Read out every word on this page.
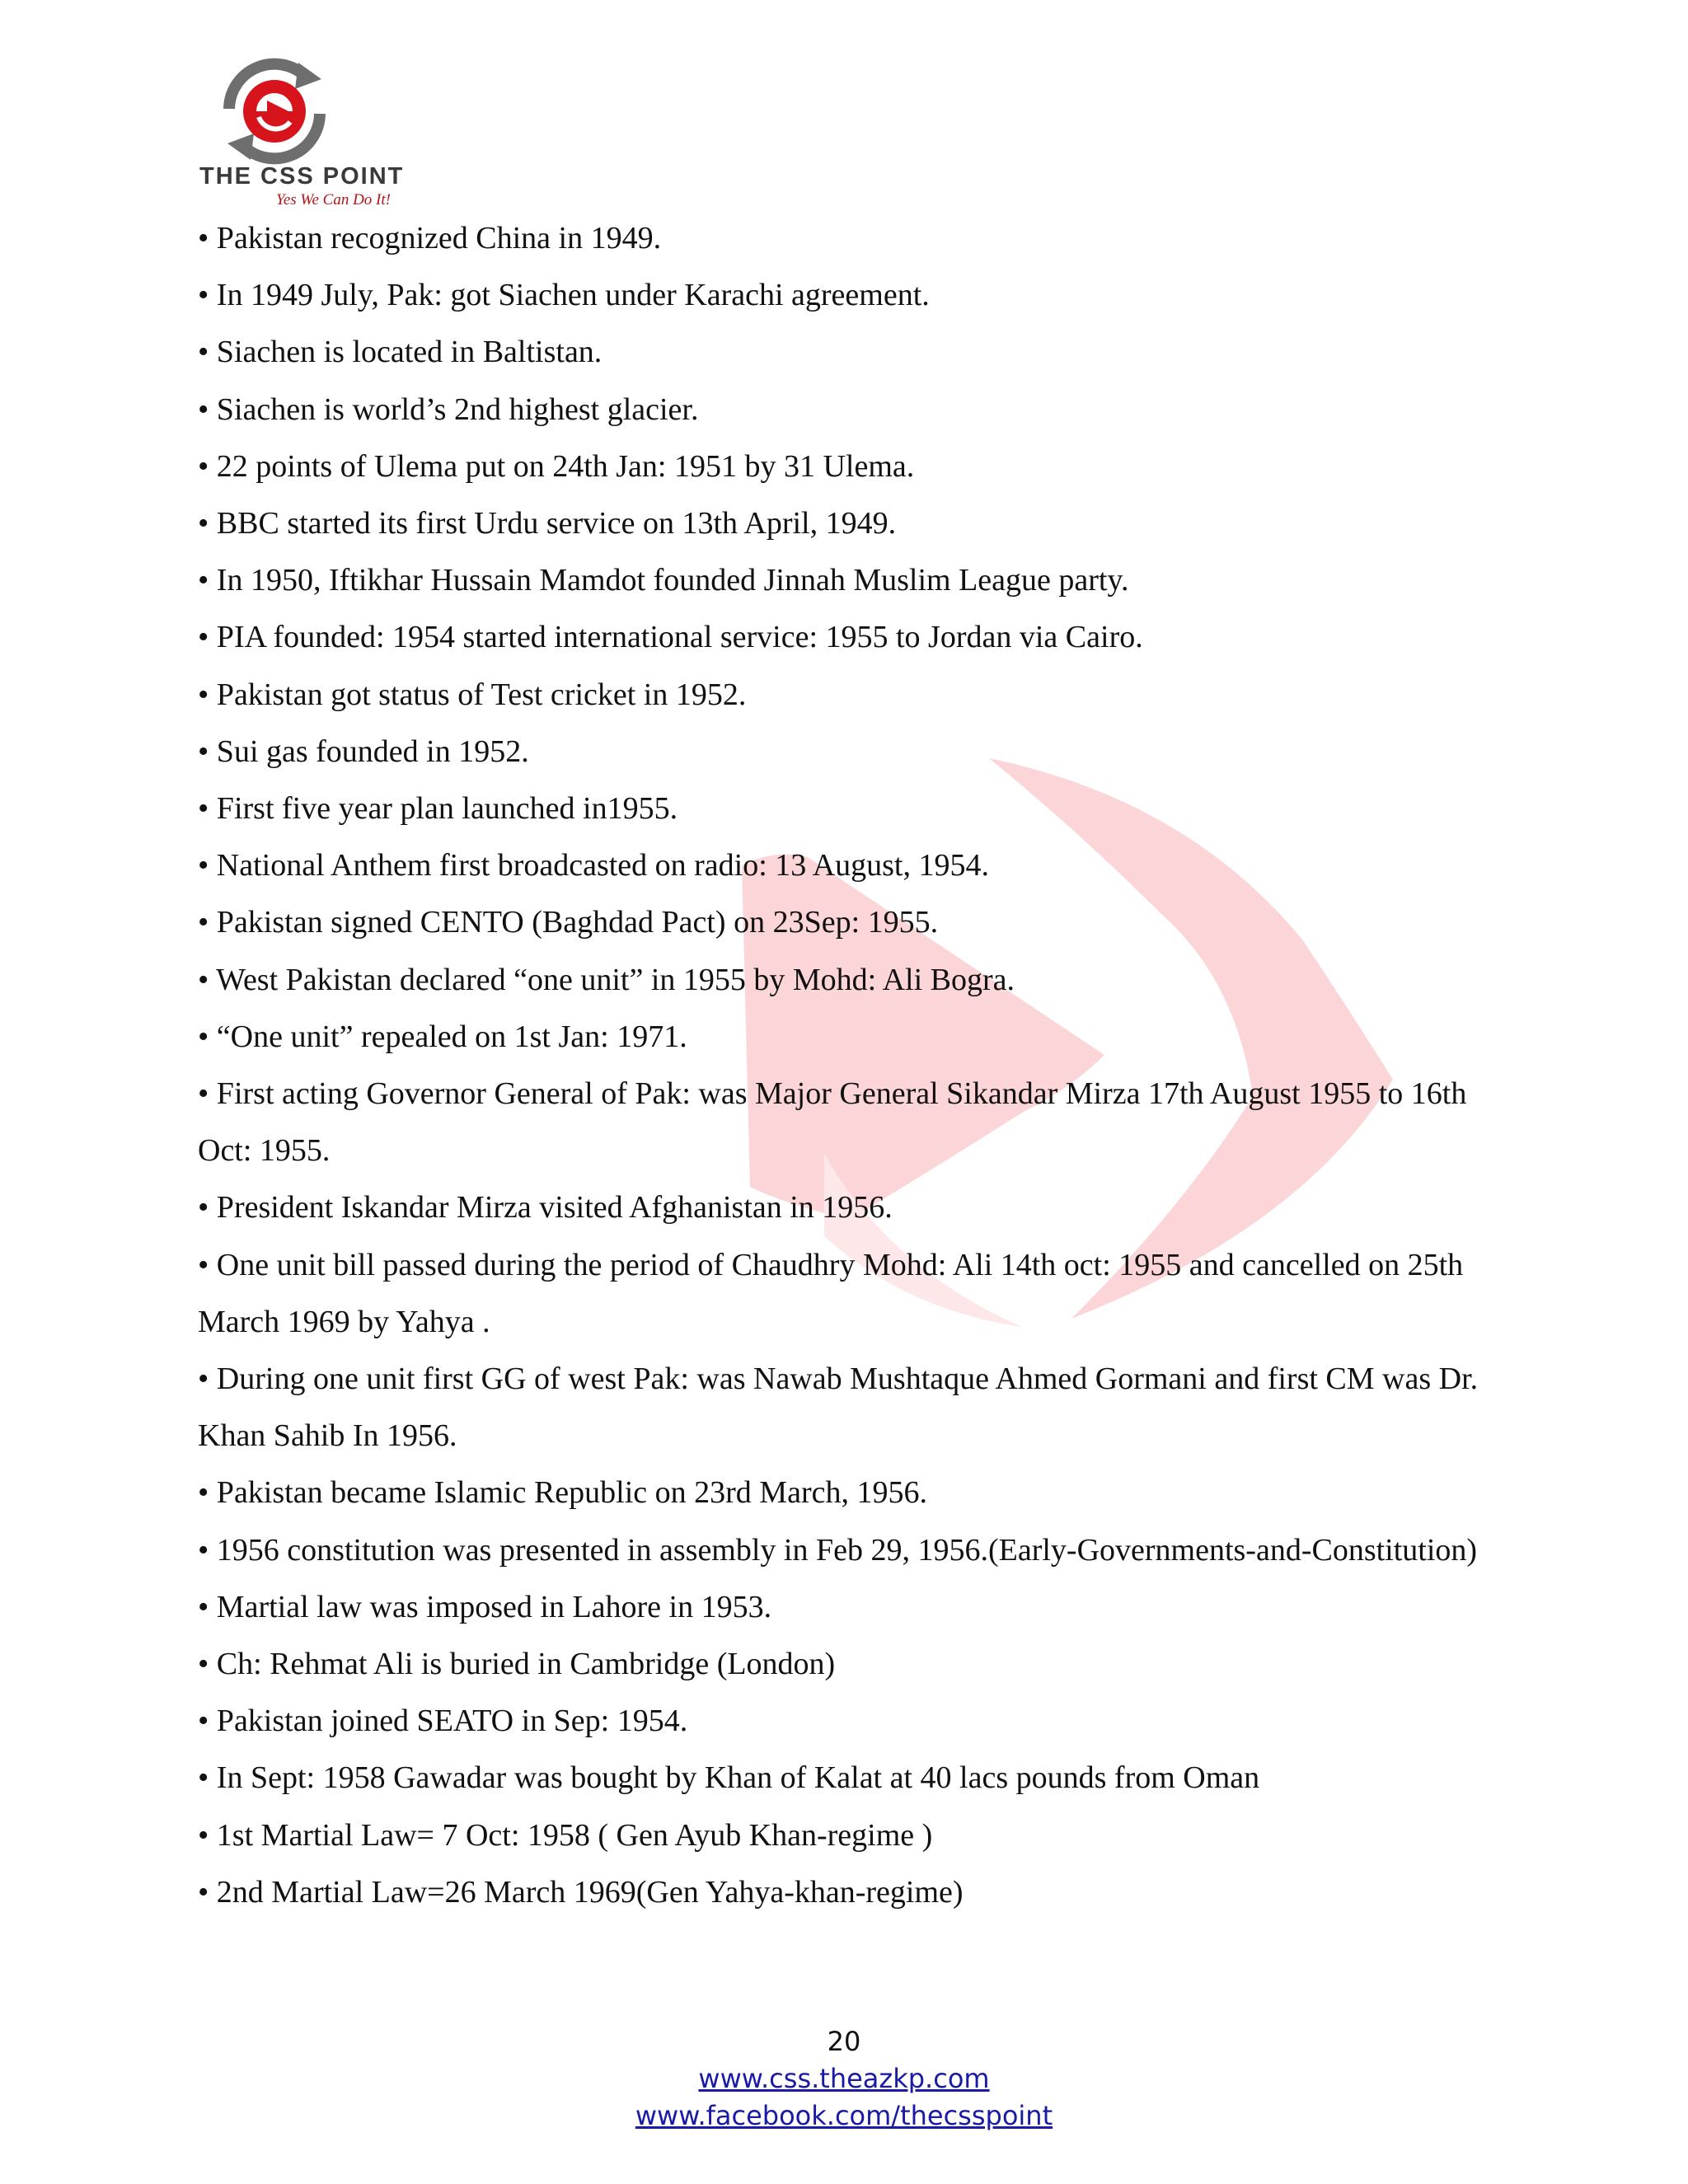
THE CSS POINT
Yes We Can Do It!

• Pakistan recognized China in 1949.

• In 1949 July, Pak: got Siachen under Karachi agreement.

• Siachen is located in Baltistan.

• Siachen is world’s 2nd highest glacier.

• 22 points of Ulema put on 24th Jan: 1951 by 31 Ulema.

• BBC started its first Urdu service on 13th April, 1949.

• In 1950, Iftikhar Hussain Mamdot founded Jinnah Muslim League party.

• PIA founded: 1954 started international service: 1955 to Jordan via Cairo.

• Pakistan got status of Test cricket in 1952.

• Sui gas founded in 1952.

• First five year plan launched in1955.

• National Anthem first broadcasted on radio: 13 August, 1954.

• Pakistan signed CENTO (Baghdad Pact) on 23Sep: 1955.

• West Pakistan declared “one unit” in 1955 by Mohd: Ali Bogra.

• “One unit” repealed on 1st Jan: 1971.

• First acting Governor General of Pak: was Major General Sikandar Mirza 17th August 1955 to 16th Oct: 1955.

• President Iskandar Mirza visited Afghanistan in 1956.

• One unit bill passed during the period of Chaudhry Mohd: Ali 14th oct: 1955 and cancelled on 25th March 1969 by Yahya .

• During one unit first GG of west Pak: was Nawab Mushtaque Ahmed Gormani and first CM was Dr. Khan Sahib In 1956.

• Pakistan became Islamic Republic on 23rd March, 1956.

• 1956 constitution was presented in assembly in Feb 29, 1956.(Early-Governments-and-Constitution)

• Martial law was imposed in Lahore in 1953.

• Ch: Rehmat Ali is buried in Cambridge (London)

• Pakistan joined SEATO in Sep: 1954.

• In Sept: 1958 Gawadar was bought by Khan of Kalat at 40 lacs pounds from Oman

• 1st Martial Law= 7 Oct: 1958 ( Gen Ayub Khan-regime )

• 2nd Martial Law=26 March 1969(Gen Yahya-khan-regime)

20
www.css.theazkp.com
www.facebook.com/thecsspoint
